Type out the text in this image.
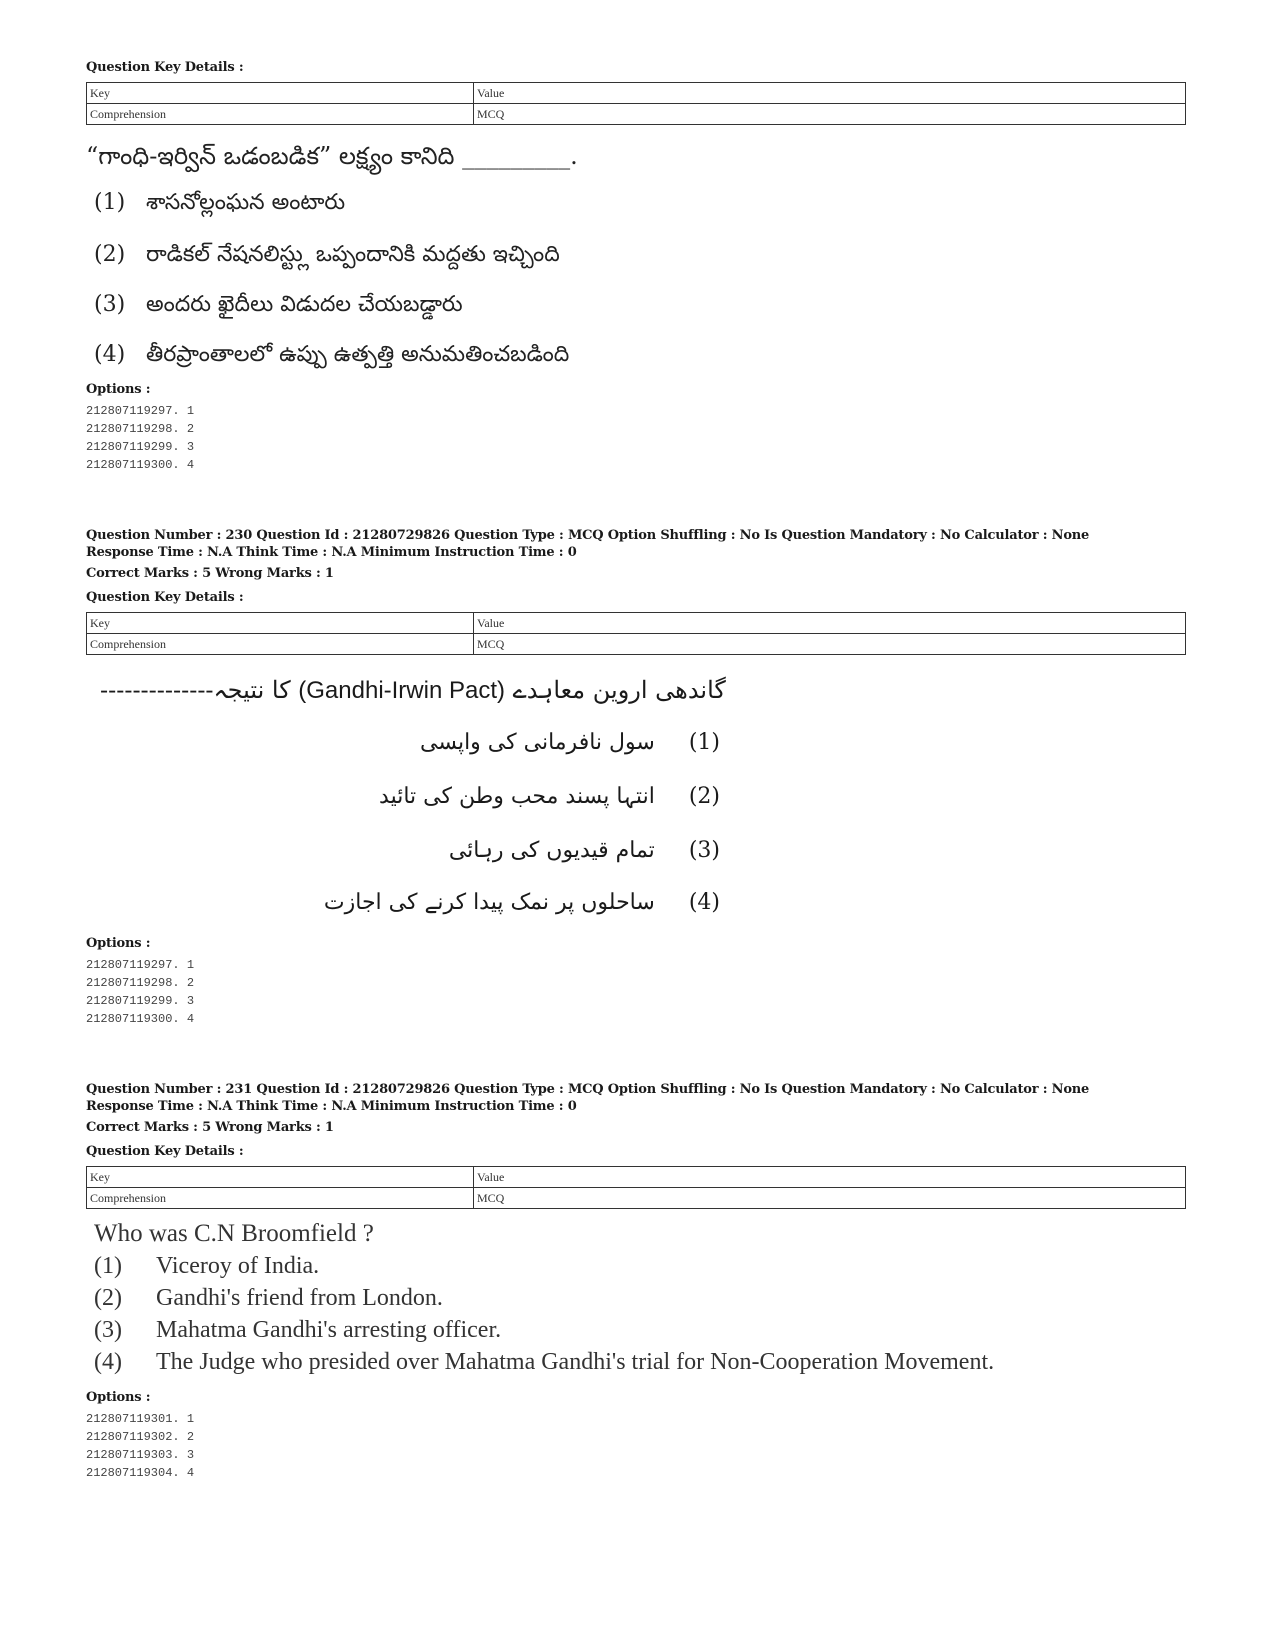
Question Key Details :
Key	Value
Comprehension	MCQ
“గాంధి-ఇర్విన్ ఒడంబడిక” లక్ష్యం కానిది _________.
(1) శాసనోల్లంఘన అంటారు
(2) రాడికల్ నేషనలిస్ట్లు ఒప్పందానికి మద్దతు ఇచ్చింది
(3) అందరు ఖైదీలు విడుదల చేయబడ్డారు
(4) తీరప్రాంతాలలో ఉప్పు ఉత్పత్తి అనుమతించబడింది
Options :
212807119297. 1
212807119298. 2
212807119299. 3
212807119300. 4
Question Number : 230 Question Id : 21280729826 Question Type : MCQ Option Shuffling : No Is Question Mandatory : No Calculator : None
Response Time : N.A Think Time : N.A Minimum Instruction Time : 0
Correct Marks : 5 Wrong Marks : 1
Question Key Details :
Key	Value
Comprehension	MCQ
--------------کا نتیجہ (Gandhi-Irwin Pact) گاندھی اروین معاہدے
(1)سول نافرمانی کی واپسی
(2)انتہا پسند محب وطن کی تائید
(3)تمام قیدیوں کی رہائی
(4)ساحلوں پر نمک پیدا کرنے کی اجازت
Options :
212807119297. 1
212807119298. 2
212807119299. 3
212807119300. 4
Question Number : 231 Question Id : 21280729826 Question Type : MCQ Option Shuffling : No Is Question Mandatory : No Calculator : None
Response Time : N.A Think Time : N.A Minimum Instruction Time : 0
Correct Marks : 5 Wrong Marks : 1
Question Key Details :
Key	Value
Comprehension	MCQ
Who was C.N Broomfield ?
(1) Viceroy of India.
(2) Gandhi's friend from London.
(3) Mahatma Gandhi's arresting officer.
(4) The Judge who presided over Mahatma Gandhi's trial for Non-Cooperation Movement.
Options :
212807119301. 1
212807119302. 2
212807119303. 3
212807119304. 4
